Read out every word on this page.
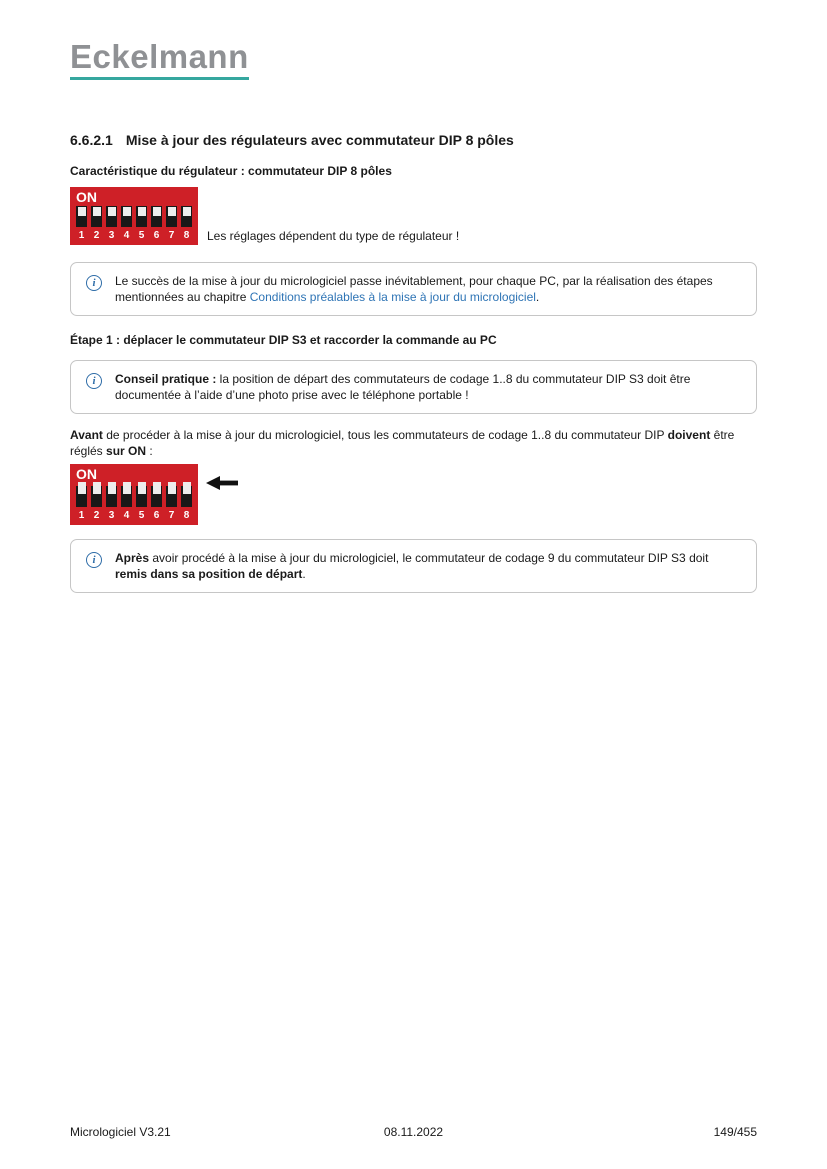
Eckelmann
6.6.2.1 Mise à jour des régulateurs avec commutateur DIP 8 pôles
Caractéristique du régulateur : commutateur DIP 8 pôles
ON
1 2 3 4 5 6 7 8 Les réglages dépendent du type de régulateur !
i	Le succès de la mise à jour du micrologiciel passe inévitablement, pour chaque PC, par la réalisation des étapes mentionnées au chapitre Conditions préalables à la mise à jour du micrologiciel.
Étape 1 : déplacer le commutateur DIP S3 et raccorder la commande au PC
i	Conseil pratique : la position de départ des commutateurs de codage 1..8 du commutateur DIP S3 doit être documentée à l’aide d’une photo prise avec le téléphone portable !
Avant de procéder à la mise à jour du micrologiciel, tous les commutateurs de codage 1..8 du commutateur DIP doivent être réglés sur ON :
ON
1 2 3 4 5 6 7 8
i	Après avoir procédé à la mise à jour du micrologiciel, le commutateur de codage 9 du commutateur DIP S3 doit remis dans sa position de départ.
Micrologiciel V3.21	08.11.2022	149/455
